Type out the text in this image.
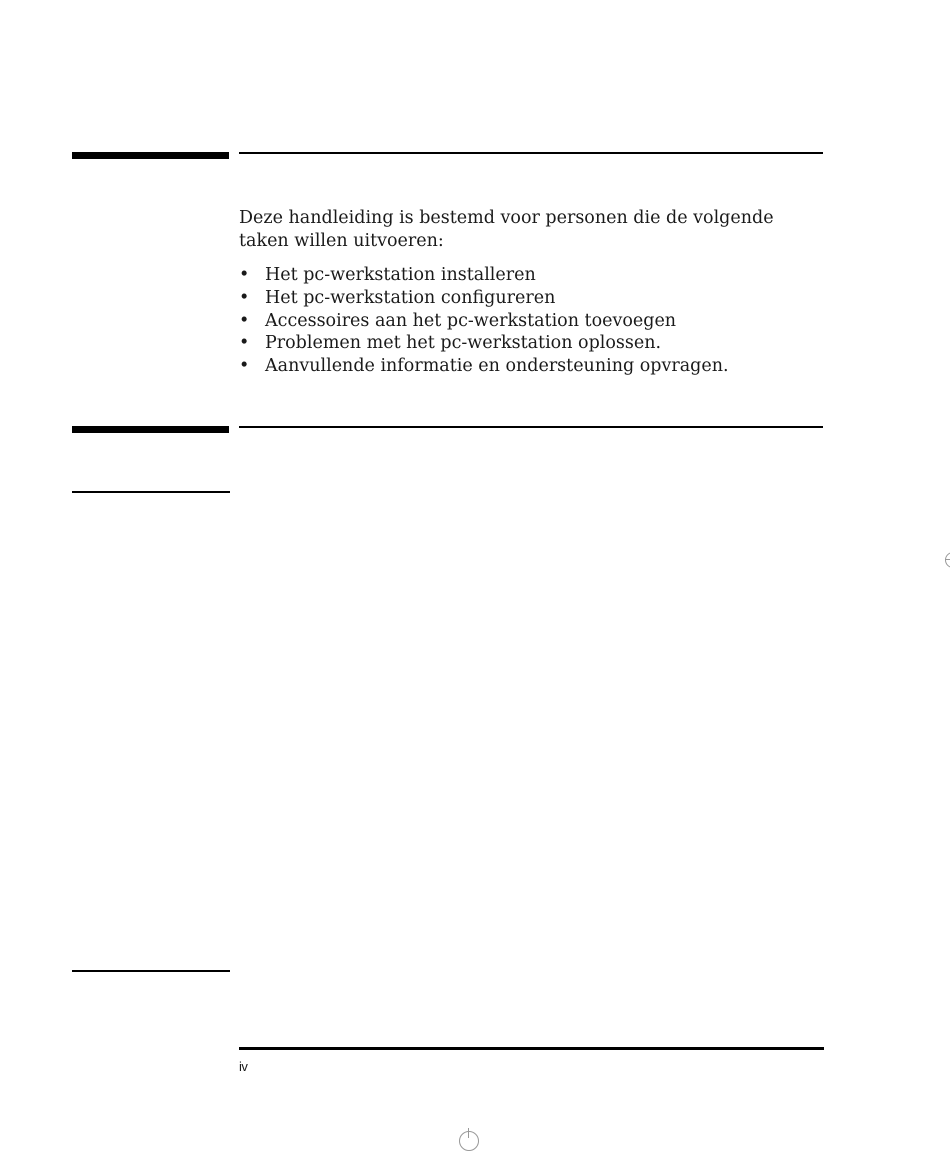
Deze handleiding is bestemd voor personen die de volgende taken willen uitvoeren:

• Het pc-werkstation installeren
• Het pc-werkstation configureren
• Accessoires aan het pc-werkstation toevoegen
• Problemen met het pc-werkstation oplossen.
• Aanvullende informatie en ondersteuning opvragen.
iv
